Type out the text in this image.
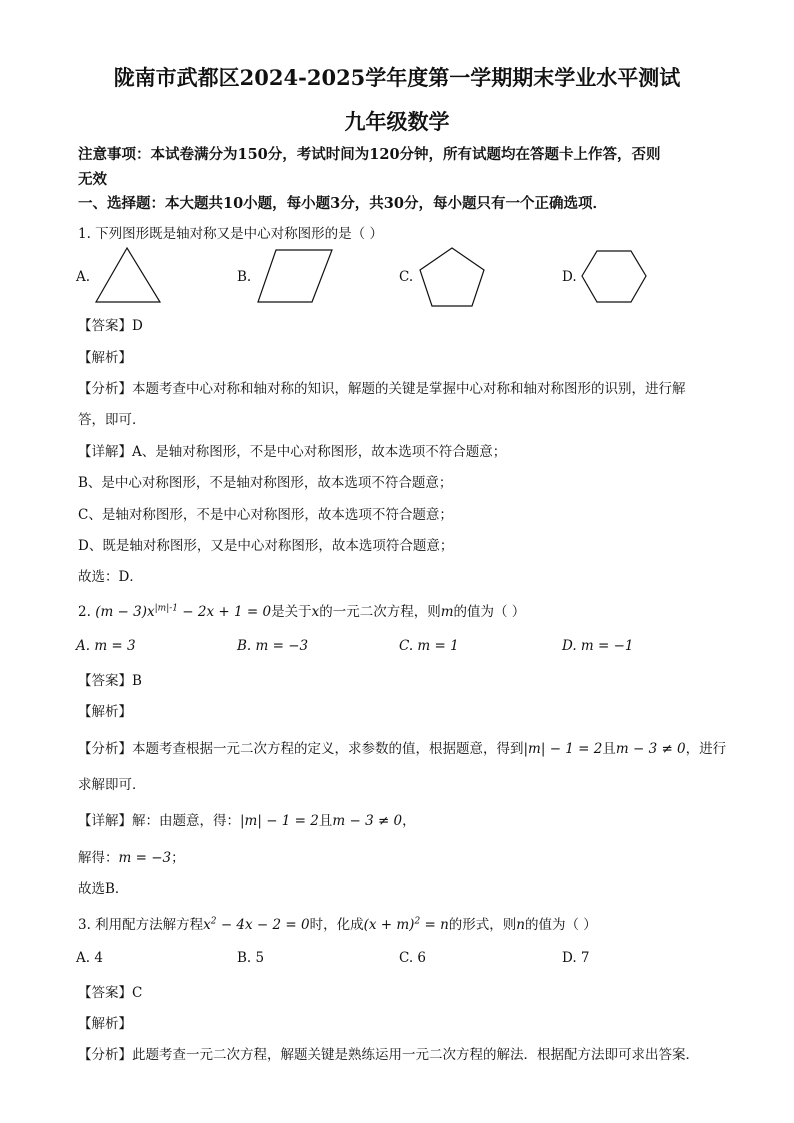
陇南市武都区2024-2025学年度第一学期期末学业水平测试
九年级数学
注意事项：本试卷满分为150分，考试时间为120分钟，所有试题均在答题卡上作答，否则
无效
一、选择题：本大题共10小题，每小题3分，共30分，每小题只有一个正确选项．
1. 下列图形既是轴对称又是中心对称图形的是（ ）
A.	B.	C.	D.
【答案】D
【解析】
【分析】本题考查中心对称和轴对称的知识，解题的关键是掌握中心对称和轴对称图形的识别，进行解
答，即可．
【详解】A、是轴对称图形，不是中心对称图形，故本选项不符合题意；
B、是中心对称图形，不是轴对称图形，故本选项不符合题意；
C、是轴对称图形，不是中心对称图形，故本选项不符合题意；
D、既是轴对称图形，又是中心对称图形，故本选项符合题意；
故选：D．
2. $(m - 3)x^{|m|-1} - 2x + 1 = 0$是关于x的一元二次方程，则m的值为（ ）
A. m = 3	B. m = −3	C. m = 1	D. m = −1
【答案】B
【解析】
【分析】本题考查根据一元二次方程的定义，求参数的值，根据题意，得到|m| − 1 = 2且m − 3 ≠ 0，进行
求解即可．
【详解】解：由题意，得：|m| − 1 = 2且m − 3 ≠ 0，
解得：m = −3；
故选B．
3. 利用配方法解方程$x^2 - 4x - 2 = 0$时，化成$(x + m)^2 = n$的形式，则n的值为（ ）
A. 4	B. 5	C. 6	D. 7
【答案】C
【解析】
【分析】此题考查一元二次方程，解题关键是熟练运用一元二次方程的解法．根据配方法即可求出答案．
